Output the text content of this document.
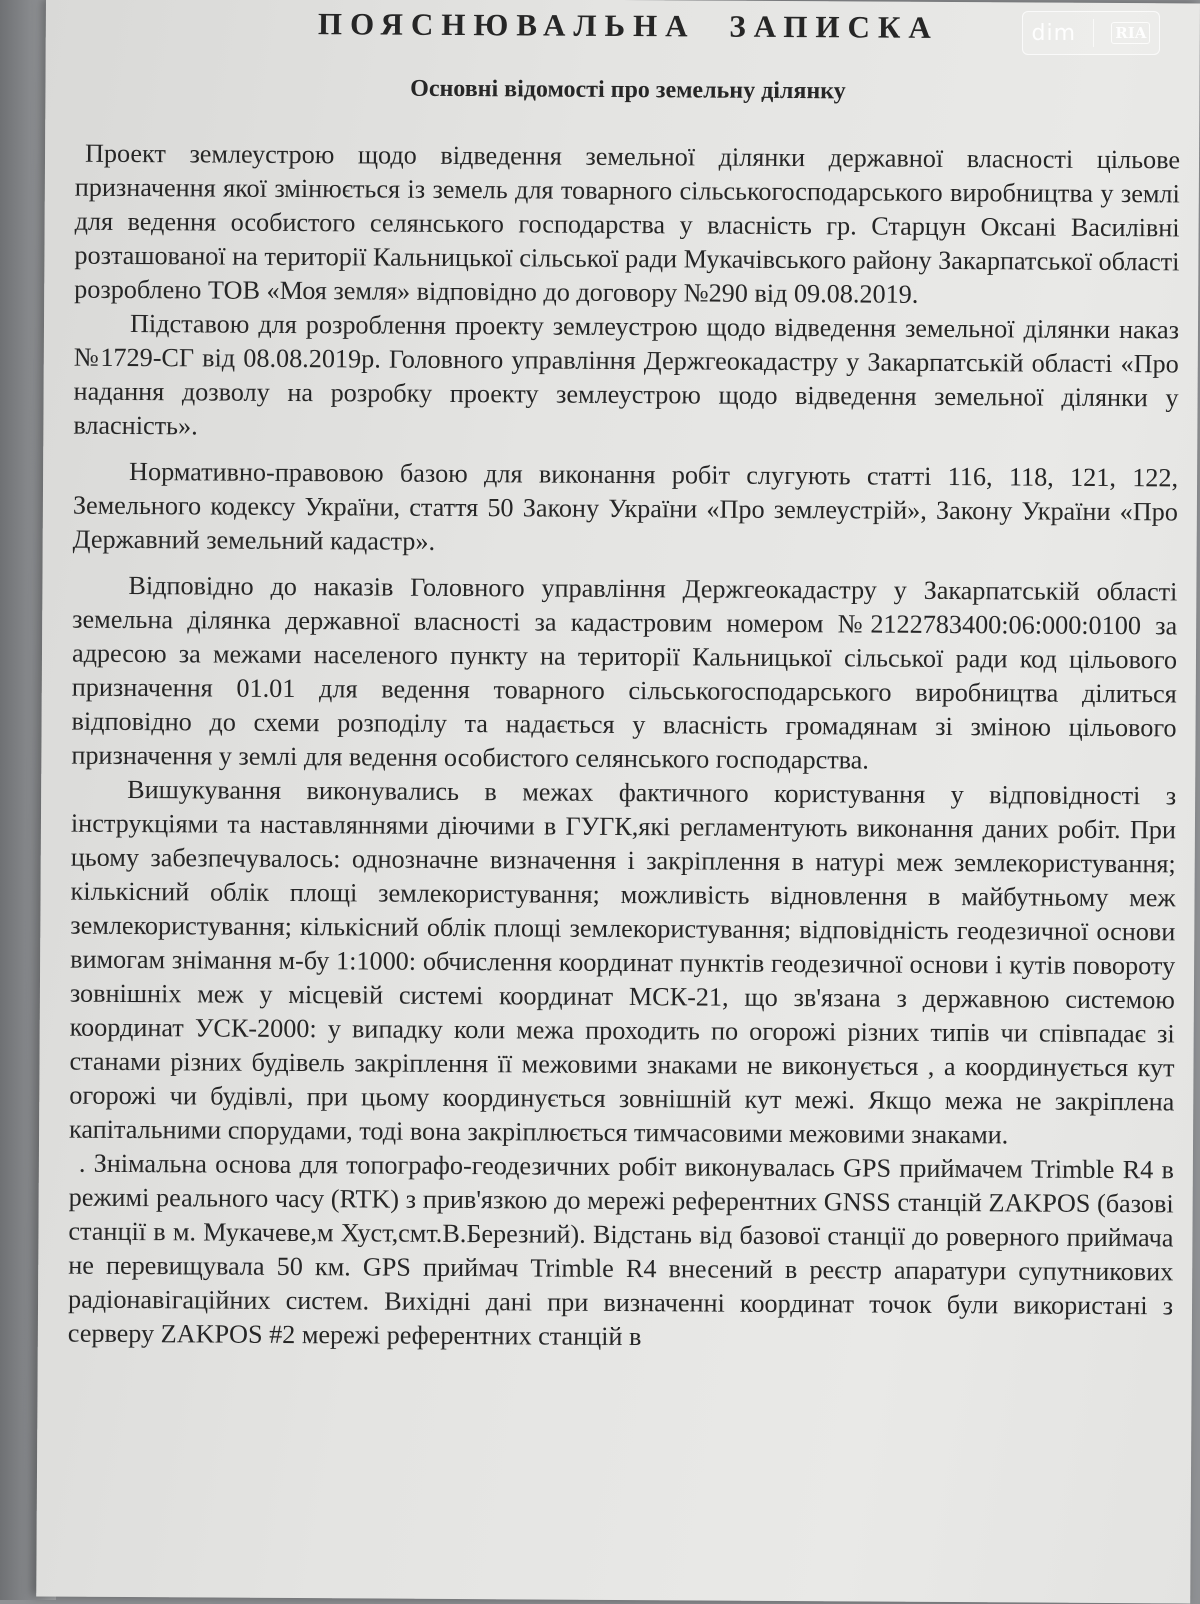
ПОЯСНЮВАЛЬНА ЗАПИСКА
Основні відомості про земельну ділянку

Проект землеустрою щодо відведення земельної ділянки державної власності цільове призначення якої змінюється із земель для товарного сільськогосподарського виробництва у землі для ведення особистого селянського господарства у власність гр. Старцун Оксані Василівні розташованої на території Кальницької сільської ради Мукачівського району Закарпатської області розроблено ТОВ «Моя земля» відповідно до договору №290 від 09.08.2019.

Підставою для розроблення проекту землеустрою щодо відведення земельної ділянки наказ №1729-СГ від 08.08.2019р. Головного управління Держгеокадастру у Закарпатській області «Про надання дозволу на розробку проекту землеустрою щодо відведення земельної ділянки у власність».

Нормативно-правовою базою для виконання робіт слугують статті 116, 118, 121, 122, Земельного кодексу України, стаття 50 Закону України «Про землеустрій», Закону України «Про Державний земельний кадастр».

Відповідно до наказів Головного управління Держгеокадастру у Закарпатській області земельна ділянка державної власності за кадастровим номером №2122783400:06:000:0100 за адресою за межами населеного пункту на території Кальницької сільської ради код цільового призначення 01.01 для ведення товарного сільськогосподарського виробництва ділиться відповідно до схеми розподілу та надається у власність громадянам зі зміною цільового призначення у землі для ведення особистого селянського господарства.

Вишукування виконувались в межах фактичного користування у відповідності з інструкціями та наставляннями діючими в ГУГК,які регламентують виконання даних робіт. При цьому забезпечувалось: однозначне визначення і закріплення в натурі меж землекористування; кількісний облік площі землекористування; можливість відновлення в майбутньому меж землекористування; кількісний облік площі землекористування; відповідність геодезичної основи вимогам знімання м-бу 1:1000: обчислення координат пунктів геодезичної основи і кутів повороту зовнішніх меж у місцевій системі координат МСК-21, що зв'язана з державною системою координат УСК-2000: у випадку коли межа проходить по огорожі різних типів чи співпадає зі станами різних будівель закріплення її межовими знаками не виконується , а координується кут огорожі чи будівлі, при цьому координується зовнішній кут межі. Якщо межа не закріплена капітальними спорудами, тоді вона закріплюється тимчасовими межовими знаками.

. Знімальна основа для топографо-геодезичних робіт виконувалась GPS приймачем Trimble R4 в режимі реального часу (RTK) з прив'язкою до мережі референтних GNSS станцій ZAKPOS (базові станції в м. Мукачеве,м Хуст,смт.В.Березний). Відстань від базової станції до роверного приймача не перевищувала 50 км. GPS приймач Trimble R4 внесений в реєстр апаратури супутникових радіонавігаційних систем. Вихідні дані при визначенні координат точок були використані з серверу ZAKPOS #2 мережі референтних станцій в

dim	RIA
